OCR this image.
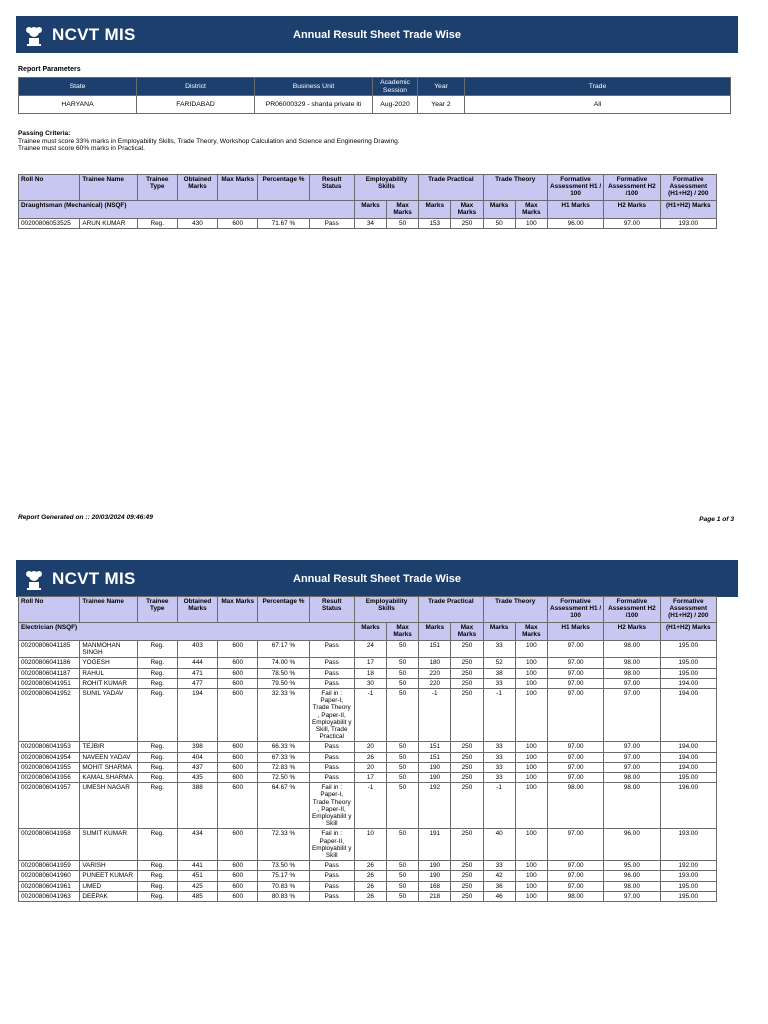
NCVT MIS	Annual Result Sheet Trade Wise
Report Parameters
State	District	Business Unit	Academic Session	Year	Trade
HARYANA	FARIDABAD	PR06000329 - sharda private iti	Aug-2020	Year 2	All
Passing Criteria:
Trainee must score 33% marks in Employability Skills, Trade Theory, Workshop Calculation and Science and Engineering Drawing.
Trainee must score 60% marks in Practical.
Roll No	Trainee Name	Trainee Type	Obtained Marks	Max Marks	Percentage %	Result Status	Employability Skills		Trade Practical		Trade Theory		Formative Assessment H1 / 100	Formative Assessment H2 /100	Formative Assessment (H1+H2) / 200
Draughtsman (Mechanical) (NSQF)							Marks	Max Marks	Marks	Max Marks	Marks	Max Marks	H1 Marks	H2 Marks	(H1+H2) Marks
00200806053525	ARUN KUMAR	Reg.	430	600	71.67 %	Pass	34	50	153	250	50	100	96.00	97.00	193.00
Report Generated on :: 20/03/2024 09:46:49	Page 1 of 3
NCVT MIS	Annual Result Sheet Trade Wise
Roll No	Trainee Name	Trainee Type	Obtained Marks	Max Marks	Percentage %	Result Status	Employability Skills		Trade Practical		Trade Theory		Formative Assessment H1 / 100	Formative Assessment H2 /100	Formative Assessment (H1+H2) / 200
Electrician (NSQF)							Marks	Max Marks	Marks	Max Marks	Marks	Max Marks	H1 Marks	H2 Marks	(H1+H2) Marks
00200806041185	MANMOHAN SINGH	Reg.	403	600	67.17 %	Pass	24	50	151	250	33	100	97.00	98.00	195.00
00200806041186	YOGESH	Reg.	444	600	74.00 %	Pass	17	50	180	250	52	100	97.00	98.00	195.00
00200806041187	RAHUL	Reg.	471	600	78.50 %	Pass	18	50	220	250	38	100	97.00	98.00	195.00
00200806041951	ROHIT KUMAR	Reg.	477	600	79.50 %	Pass	30	50	220	250	33	100	97.00	97.00	194.00
00200806041952	SUNIL YADAV	Reg.	194	600	32.33 %	Fail in : Paper-I, Trade Theory , Paper-II, Employabilit y Skill, Trade Practical	-1	50	-1	250	-1	100	97.00	97.00	194.00
00200806041953	TEJBIR	Reg.	398	600	66.33 %	Pass	20	50	151	250	33	100	97.00	97.00	194.00
00200806041954	NAVEEN YADAV	Reg.	404	600	67.33 %	Pass	26	50	151	250	33	100	97.00	97.00	194.00
00200806041955	MOHIT SHARMA	Reg.	437	600	72.83 %	Pass	20	50	190	250	33	100	97.00	97.00	194.00
00200806041956	KAMAL SHARMA	Reg.	435	600	72.50 %	Pass	17	50	190	250	33	100	97.00	98.00	195.00
00200806041957	UMESH NAGAR	Reg.	388	600	64.67 %	Fail in : Paper-I, Trade Theory , Paper-II, Employabilit y Skill	-1	50	192	250	-1	100	98.00	98.00	196.00
00200806041958	SUMIT KUMAR	Reg.	434	600	72.33 %	Fail in : Paper-II, Employabilit y Skill	10	50	191	250	40	100	97.00	96.00	193.00
00200806041959	VARISH	Reg.	441	600	73.50 %	Pass	26	50	190	250	33	100	97.00	95.00	192.00
00200806041960	PUNEET KUMAR	Reg.	451	600	75.17 %	Pass	26	50	190	250	42	100	97.00	96.00	193.00
00200806041961	UMED	Reg.	425	600	70.83 %	Pass	26	50	168	250	36	100	97.00	98.00	195.00
00200806041963	DEEPAK	Reg.	485	600	80.83 %	Pass	26	50	218	250	46	100	98.00	97.00	195.00
